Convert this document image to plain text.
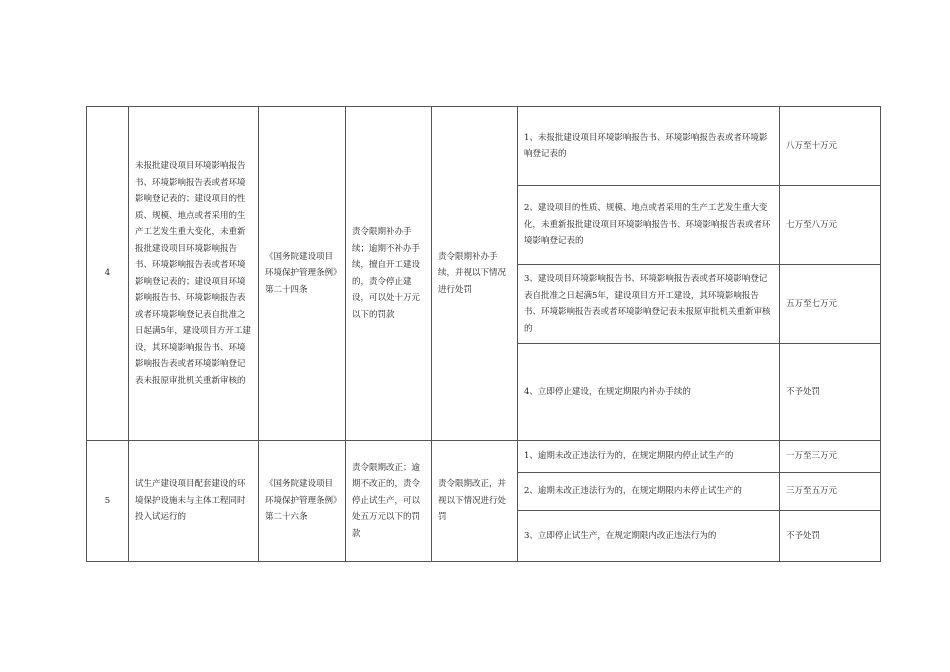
4	未报批建设项目环境影响报告书、环境影响报告表或者环境影响登记表的；建设项目的性质、规模、地点或者采用的生产工艺发生重大变化，未重新报批建设项目环境影响报告书、环境影响报告表或者环境影响登记表的；建设项目环境影响报告书、环境影响报告表或者环境影响登记表自批准之日起满5年，建设项目方开工建设，其环境影响报告书、环境影响报告表或者环境影响登记表未报原审批机关重新审核的	《国务院建设项目环境保护管理条例》第二十四条	责令限期补办手续；逾期不补办手续，擅自开工建设的，责令停止建设，可以处十万元以下的罚款	责令限期补办手续，并视以下情况进行处罚	1、未报批建设项目环境影响报告书、环境影响报告表或者环境影响登记表的	八万至十万元
					2、建设项目的性质、规模、地点或者采用的生产工艺发生重大变化，未重新报批建设项目环境影响报告书、环境影响报告表或者环境影响登记表的	七万至八万元
					3、建设项目环境影响报告书、环境影响报告表或者环境影响登记表自批准之日起满5年，建设项目方开工建设，其环境影响报告书、环境影响报告表或者环境影响登记表未报原审批机关重新审核的	五万至七万元
					4、立即停止建设，在规定期限内补办手续的	不予处罚
5	试生产建设项目配套建设的环境保护设施未与主体工程同时投入试运行的	《国务院建设项目环境保护管理条例》第二十六条	责令限期改正；逾期不改正的，责令停止试生产，可以处五万元以下的罚款	责令限期改正，并视以下情况进行处罚	1、逾期未改正违法行为的，在规定期限内停止试生产的	一万至三万元
					2、逾期未改正违法行为的，在规定期限内未停止试生产的	三万至五万元
					3、立即停止试生产，在规定期限内改正违法行为的	不予处罚
